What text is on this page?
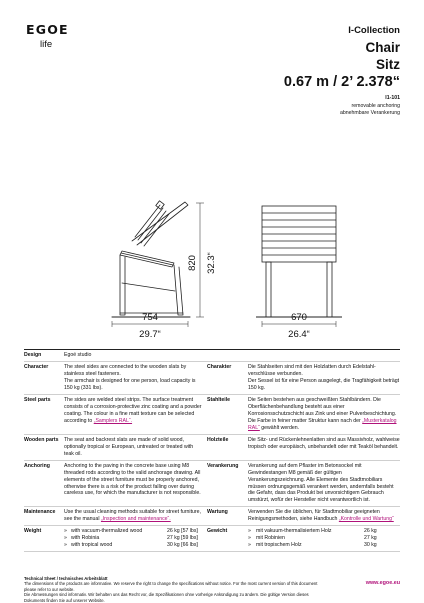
EGOE
life
I-Collection
Chair
Sitz
0.67 m / 2’ 2.378“
I1-101
removable anchoring
abnehmbare Verankerung
820 32.3“
754
29.7“
670
26.4“
Design	Egoé studio
Character	The steel sides are connected to the wooden slats by stainless steel fasteners.

The armchair is designed for one person, load capacity is 150 kg (331 lbs).

Charakter	Die Stahlseiten sind mit den Holzlatten durch Edelstahl-verschlüsse verbunden.

Der Sessel ist für eine Person ausgelegt, die Tragfähigkeit beträgt 150 kg.

Steel parts	The sides are welded steel strips. The surface treatment consists of a corrosion-protective zinc coating and a powder coating. The colour in a fine matt texture can be selected according to „Samplers RAL“.
Stahlteile	Die Seiten bestehen aus geschweißten Stahlbändern. Die Oberflächenbehandlung besteht aus einer Korrosionsschutzschicht aus Zink und einer Pulverbeschichtung. Die Farbe in feiner matter Struktur kann nach der „Musterkatalog RAL“ gewählt werden.
Wooden parts	The seat and backrest slats are made of solid wood, optionally tropical or European, untreated or treated with teak oil.
Holzteile	Die Sitz- und Rückenlehnenlatten sind aus Massivholz, wahlweise tropisch oder europäisch, unbehandelt oder mit Teaköl behandelt.
Anchoring	Anchoring to the paving in the concrete base using M8 threaded rods according to the valid anchorage drawing. All elements of the street furniture must be properly anchored, otherwise there is a risk of the product falling over during careless use, for which the manufacturer is not responsible.
Verankerung	Verankerung auf dem Pflaster im Betonsockel mit Gewindestangen M8 gemäß der gültigen Verankerungszeichnung. Alle Elemente des Stadtmobiliars müssen ordnungsgemäß verankert werden, andernfalls besteht die Gefahr, dass das Produkt bei unvorsichtigem Gebrauch umstürzt, wofür der Hersteller nicht verantwortlich ist.
Maintenance	Use the usual cleaning methods suitable for street furniture, see the manual „Inspection and maintenance“.
Wartung	Verwenden Sie die üblichen, für Stadtmobiliar geeigneten Reinigungsmethoden, siehe Handbuch „Kontrolle und Wartung“
Weight	» with vacuum-thermalized wood	26 kg [57 lbs]
» with Robinia	27 kg [59 lbs]
» with tropical wood	30 kg [66 lbs]
Gewicht	» mit vakuum-thermalisiertem Holz	26 kg
» mit Robinien	27 kg
» mit tropischem Holz	30 kg
Technical Sheet / technisches Arbeitsblatt
The dimensions of the products are informative. We reserve the right to change the specifications without notice. For the most current version of this document please refer to our website.
Die Abmessungen sind informativ. Wir behalten uns das Recht vor, die Spezifikationen ohne vorherige Ankündigung zu ändern. Die gültige Version dieses Dokuments finden Sie auf unserer Website.
www.egoe.eu
